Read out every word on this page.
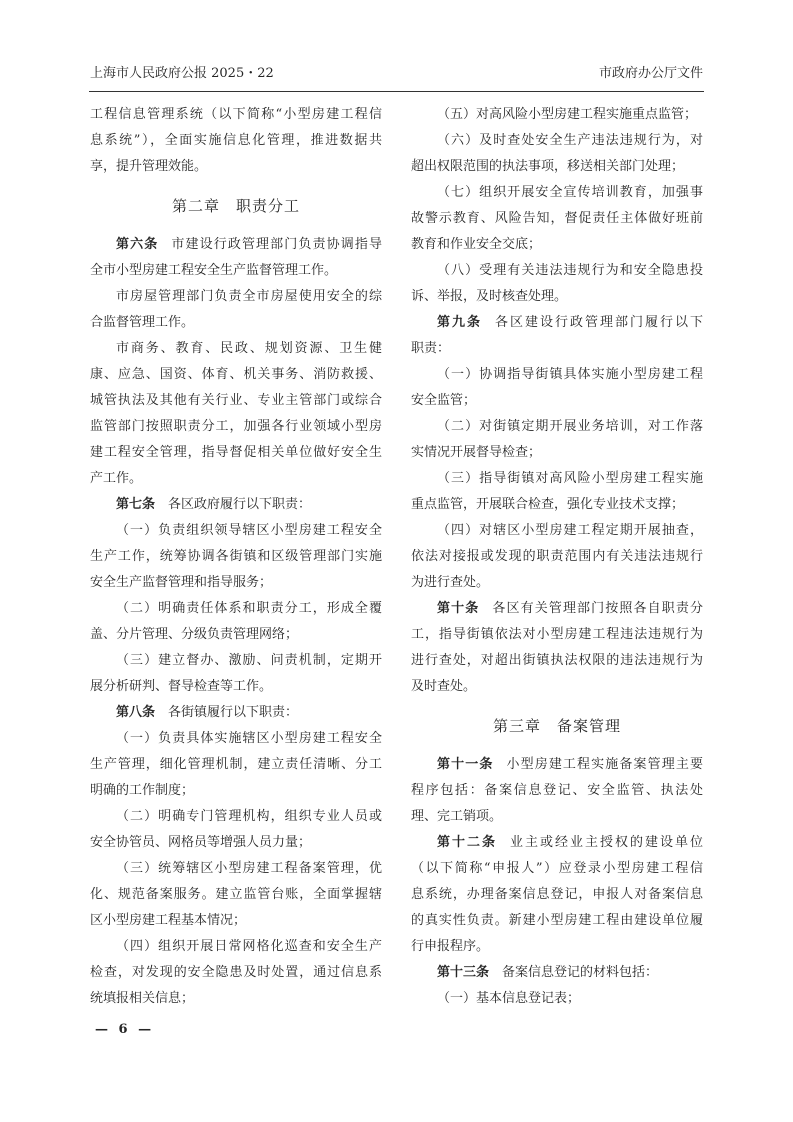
上海市人民政府公报 2025・22	市政府办公厅文件
工程信息管理系统（以下简称“小型房建工程信
息系统”），全面实施信息化管理，推进数据共
享，提升管理效能。
第二章　职责分工
第六条 市建设行政管理部门负责协调指导
全市小型房建工程安全生产监督管理工作。
市房屋管理部门负责全市房屋使用安全的综
合监督管理工作。
市商务、教育、民政、规划资源、卫生健
康、应急、国资、体育、机关事务、消防救援、
城管执法及其他有关行业、专业主管部门或综合
监管部门按照职责分工，加强各行业领域小型房
建工程安全管理，指导督促相关单位做好安全生
产工作。
第七条 各区政府履行以下职责：
（一）负责组织领导辖区小型房建工程安全
生产工作，统筹协调各街镇和区级管理部门实施
安全生产监督管理和指导服务；
（二）明确责任体系和职责分工，形成全覆
盖、分片管理、分级负责管理网络；
（三）建立督办、激励、问责机制，定期开
展分析研判、督导检查等工作。
第八条 各街镇履行以下职责：
（一）负责具体实施辖区小型房建工程安全
生产管理，细化管理机制，建立责任清晰、分工
明确的工作制度；
（二）明确专门管理机构，组织专业人员或
安全协管员、网格员等增强人员力量；
（三）统筹辖区小型房建工程备案管理，优
化、规范备案服务。建立监管台账，全面掌握辖
区小型房建工程基本情况；
（四）组织开展日常网格化巡查和安全生产
检查，对发现的安全隐患及时处置，通过信息系
统填报相关信息；
（五）对高风险小型房建工程实施重点监管；
（六）及时查处安全生产违法违规行为，对
超出权限范围的执法事项，移送相关部门处理；
（七）组织开展安全宣传培训教育，加强事
故警示教育、风险告知，督促责任主体做好班前
教育和作业安全交底；
（八）受理有关违法违规行为和安全隐患投
诉、举报，及时核查处理。
第九条 各区建设行政管理部门履行以下
职责：
（一）协调指导街镇具体实施小型房建工程
安全监管；
（二）对街镇定期开展业务培训，对工作落
实情况开展督导检查；
（三）指导街镇对高风险小型房建工程实施
重点监管，开展联合检查，强化专业技术支撑；
（四）对辖区小型房建工程定期开展抽查，
依法对接报或发现的职责范围内有关违法违规行
为进行查处。
第十条 各区有关管理部门按照各自职责分
工，指导街镇依法对小型房建工程违法违规行为
进行查处，对超出街镇执法权限的违法违规行为
及时查处。
第三章　备案管理
第十一条 小型房建工程实施备案管理主要
程序包括：备案信息登记、安全监管、执法处
理、完工销项。
第十二条 业主或经业主授权的建设单位
（以下简称“申报人”）应登录小型房建工程信
息系统，办理备案信息登记，申报人对备案信息
的真实性负责。新建小型房建工程由建设单位履
行申报程序。
第十三条 备案信息登记的材料包括：
（一）基本信息登记表；
— 6 —
